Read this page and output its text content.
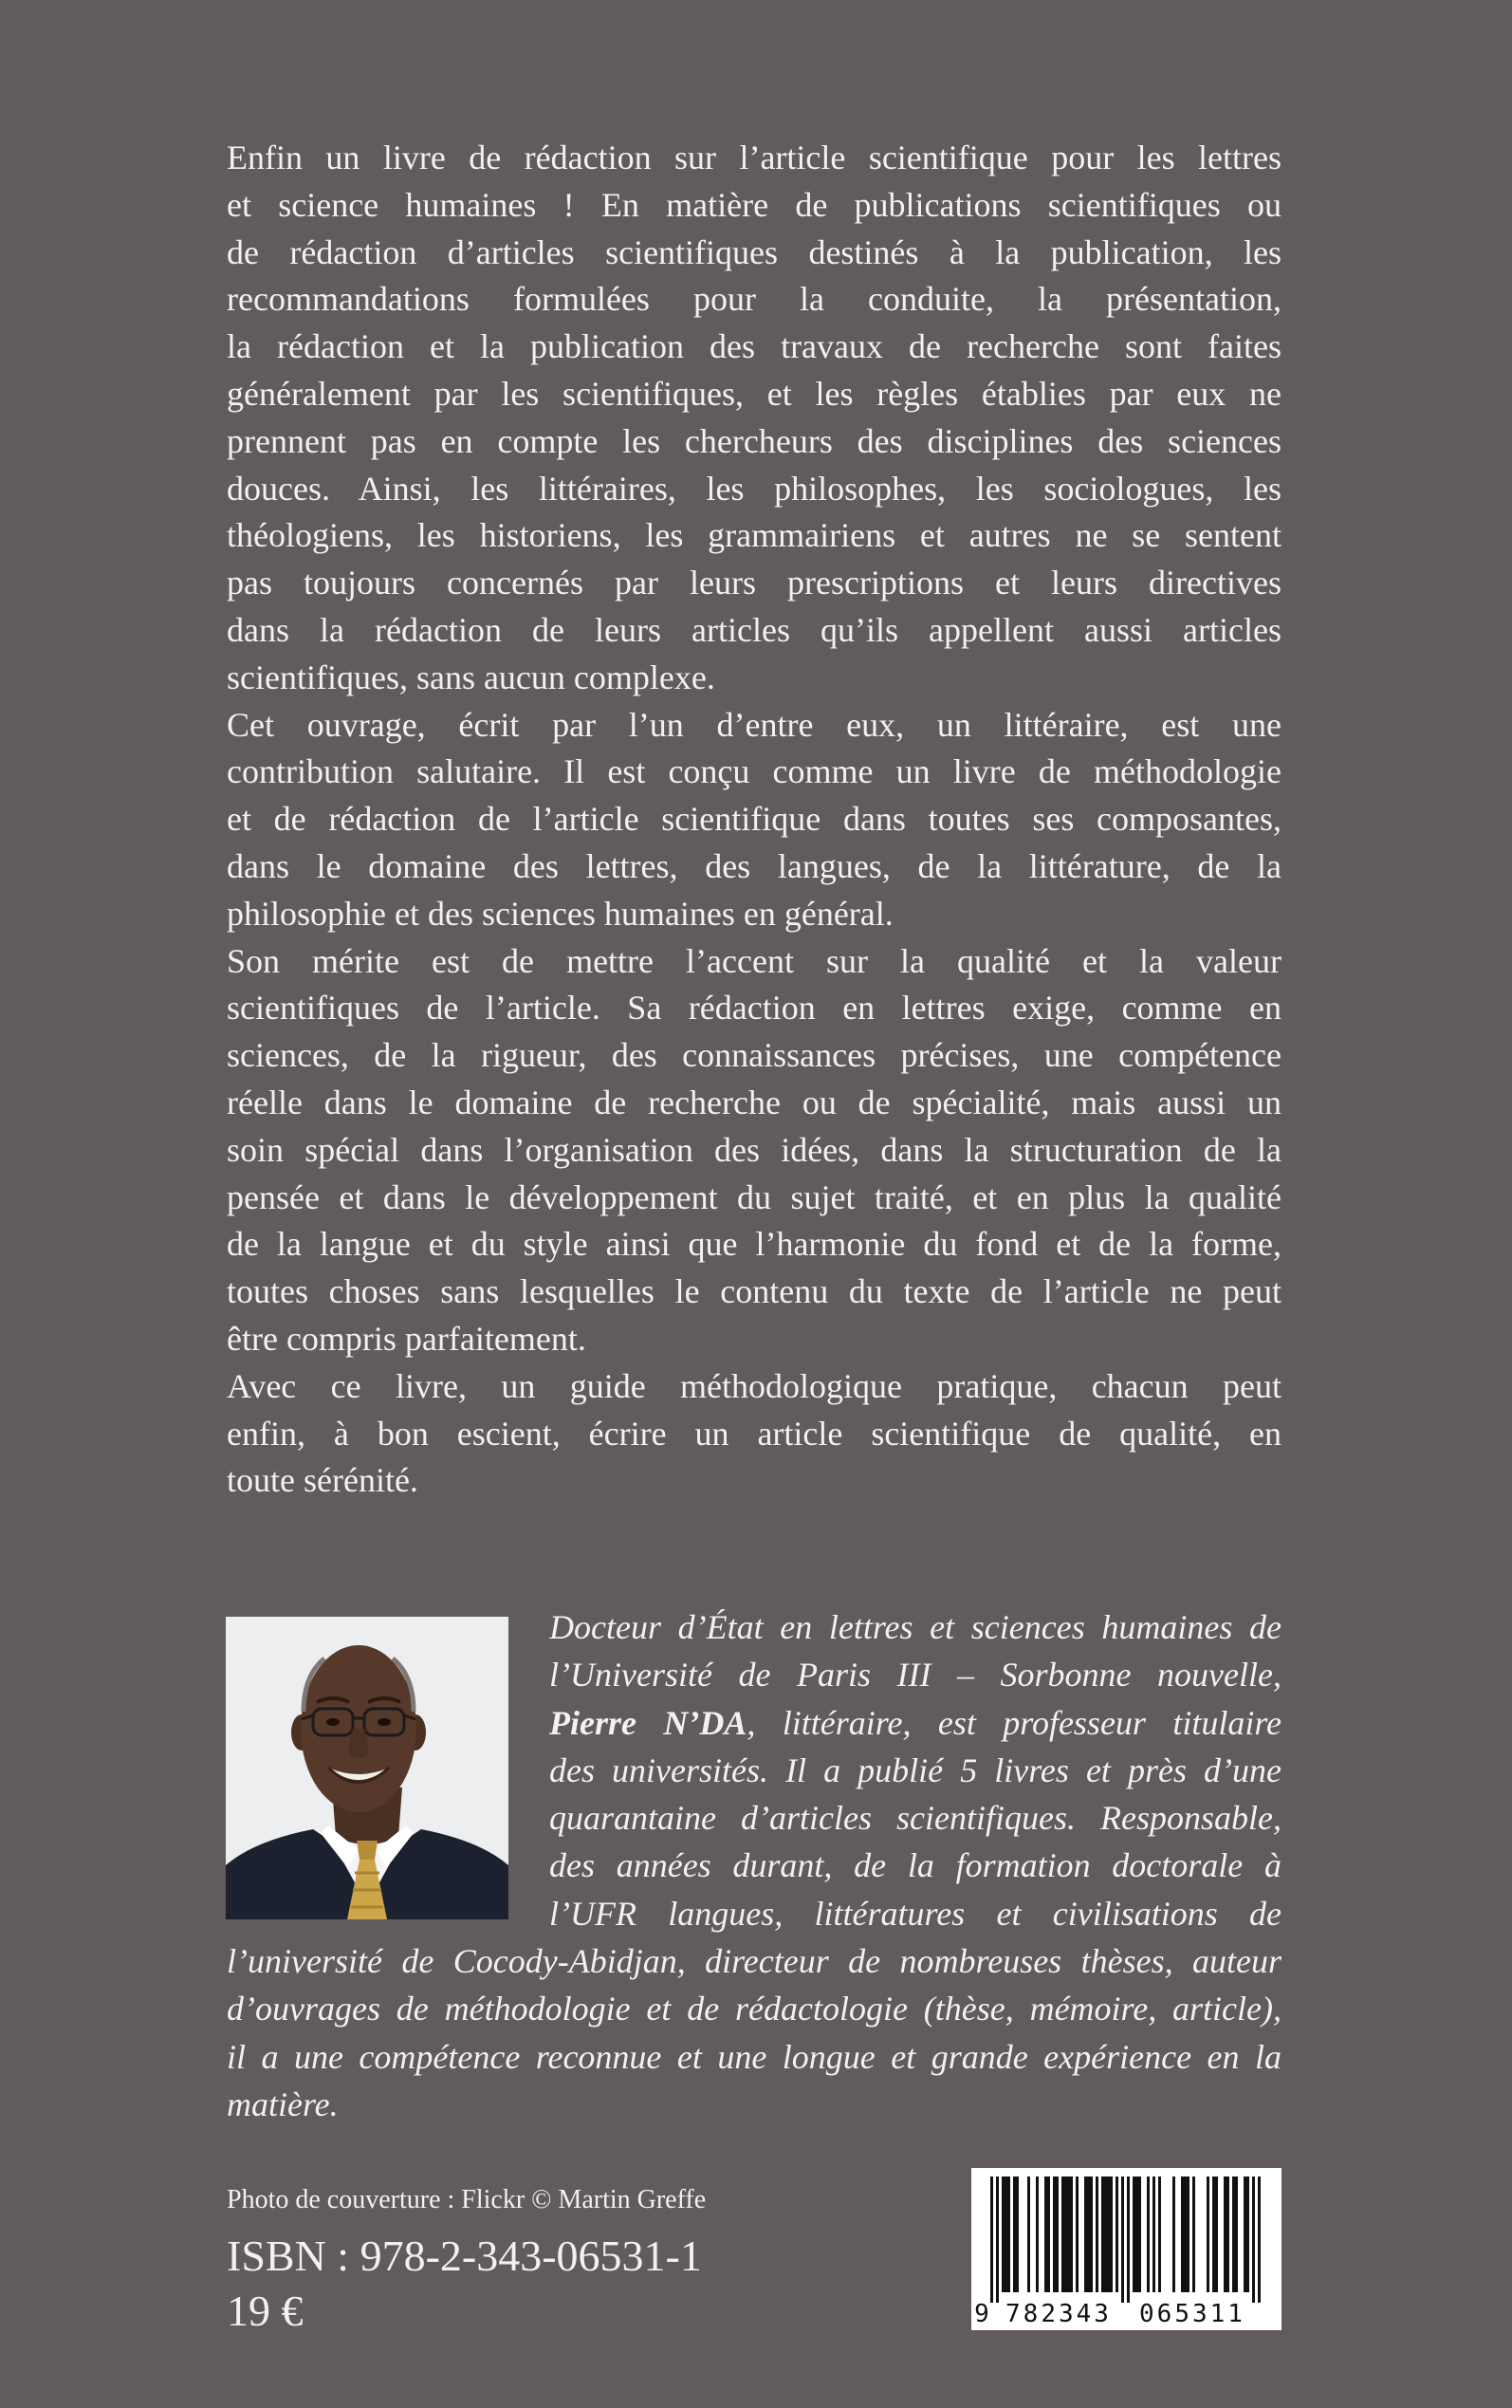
Enfin un livre de rédaction sur l’article scientifique pour les lettres
et science humaines ! En matière de publications scientifiques ou
de rédaction d’articles scientifiques destinés à la publication, les
recommandations formulées pour la conduite, la présentation,
la rédaction et la publication des travaux de recherche sont faites
généralement par les scientifiques, et les règles établies par eux ne
prennent pas en compte les chercheurs des disciplines des sciences
douces. Ainsi, les littéraires, les philosophes, les sociologues, les
théologiens, les historiens, les grammairiens et autres ne se sentent
pas toujours concernés par leurs prescriptions et leurs directives
dans la rédaction de leurs articles qu’ils appellent aussi articles
scientifiques, sans aucun complexe.
Cet ouvrage, écrit par l’un d’entre eux, un littéraire, est une
contribution salutaire. Il est conçu comme un livre de méthodologie
et de rédaction de l’article scientifique dans toutes ses composantes,
dans le domaine des lettres, des langues, de la littérature, de la
philosophie et des sciences humaines en général.
Son mérite est de mettre l’accent sur la qualité et la valeur
scientifiques de l’article. Sa rédaction en lettres exige, comme en
sciences, de la rigueur, des connaissances précises, une compétence
réelle dans le domaine de recherche ou de spécialité, mais aussi un
soin spécial dans l’organisation des idées, dans la structuration de la
pensée et dans le développement du sujet traité, et en plus la qualité
de la langue et du style ainsi que l’harmonie du fond et de la forme,
toutes choses sans lesquelles le contenu du texte de l’article ne peut
être compris parfaitement.
Avec ce livre, un guide méthodologique pratique, chacun peut
enfin, à bon escient, écrire un article scientifique de qualité, en
toute sérénité.
Docteur d’État en lettres et sciences humaines de
l’Université de Paris III – Sorbonne nouvelle,
Pierre N’DA, littéraire, est professeur titulaire
des universités. Il a publié 5 livres et près d’une
quarantaine d’articles scientifiques. Responsable,
des années durant, de la formation doctorale à
l’UFR langues, littératures et civilisations de
l’université de Cocody-Abidjan, directeur de nombreuses thèses, auteur
d’ouvrages de méthodologie et de rédactologie (thèse, mémoire, article),
il a une compétence reconnue et une longue et grande expérience en la
matière.
Photo de couverture : Flickr © Martin Greffe
ISBN : 978-2-343-06531-1
19 €	9 782343 065311
